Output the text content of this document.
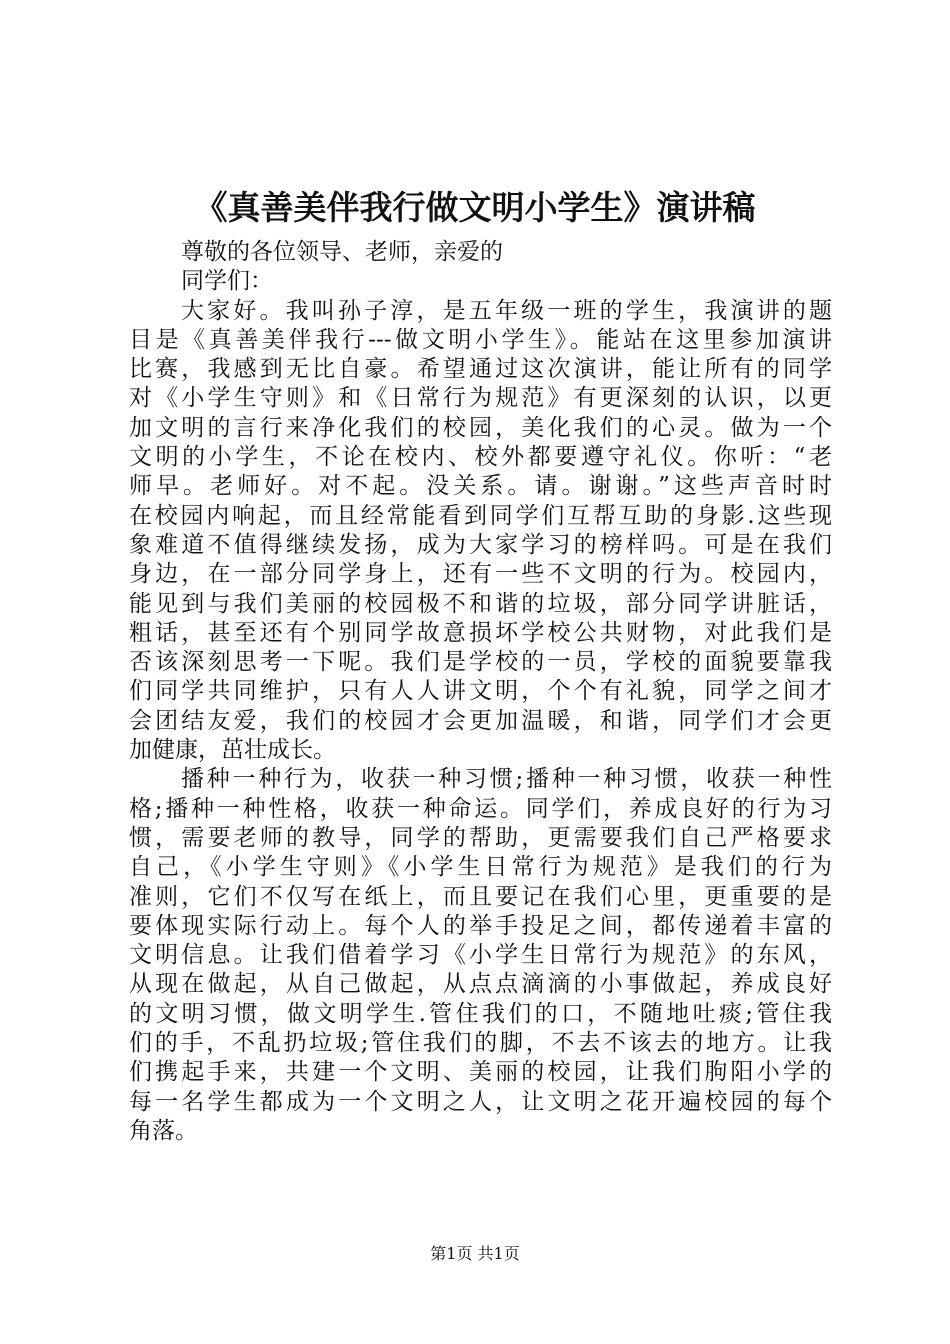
《真善美伴我行做文明小学生》演讲稿
尊敬的各位领导、老师，亲爱的
同学们：
大家好。我叫孙子淳，是五年级一班的学生，我演讲的题
目是《真善美伴我行---做文明小学生》。能站在这里参加演讲
比赛，我感到无比自豪。希望通过这次演讲，能让所有的同学
对《小学生守则》和《日常行为规范》有更深刻的认识，以更
加文明的言行来净化我们的校园，美化我们的心灵。做为一个
文明的小学生，不论在校内、校外都要遵守礼仪。你听：“老
师早。老师好。对不起。没关系。请。谢谢。”这些声音时时
在校园内响起，而且经常能看到同学们互帮互助的身影.这些现
象难道不值得继续发扬，成为大家学习的榜样吗。可是在我们
身边，在一部分同学身上，还有一些不文明的行为。校园内，
能见到与我们美丽的校园极不和谐的垃圾，部分同学讲脏话，
粗话，甚至还有个别同学故意损坏学校公共财物，对此我们是
否该深刻思考一下呢。我们是学校的一员，学校的面貌要靠我
们同学共同维护，只有人人讲文明，个个有礼貌，同学之间才
会团结友爱，我们的校园才会更加温暖，和谐，同学们才会更
加健康，茁壮成长。
播种一种行为，收获一种习惯;播种一种习惯，收获一种性
格;播种一种性格，收获一种命运。同学们，养成良好的行为习
惯，需要老师的教导，同学的帮助，更需要我们自己严格要求
自己，《小学生守则》《小学生日常行为规范》是我们的行为
准则，它们不仅写在纸上，而且要记在我们心里，更重要的是
要体现实际行动上。每个人的举手投足之间，都传递着丰富的
文明信息。让我们借着学习《小学生日常行为规范》的东风，
从现在做起，从自己做起，从点点滴滴的小事做起，养成良好
的文明习惯，做文明学生.管住我们的口，不随地吐痰;管住我
们的手，不乱扔垃圾;管住我们的脚，不去不该去的地方。让我
们携起手来，共建一个文明、美丽的校园，让我们朐阳小学的
每一名学生都成为一个文明之人，让文明之花开遍校园的每个
角落。
第1页 共1页
